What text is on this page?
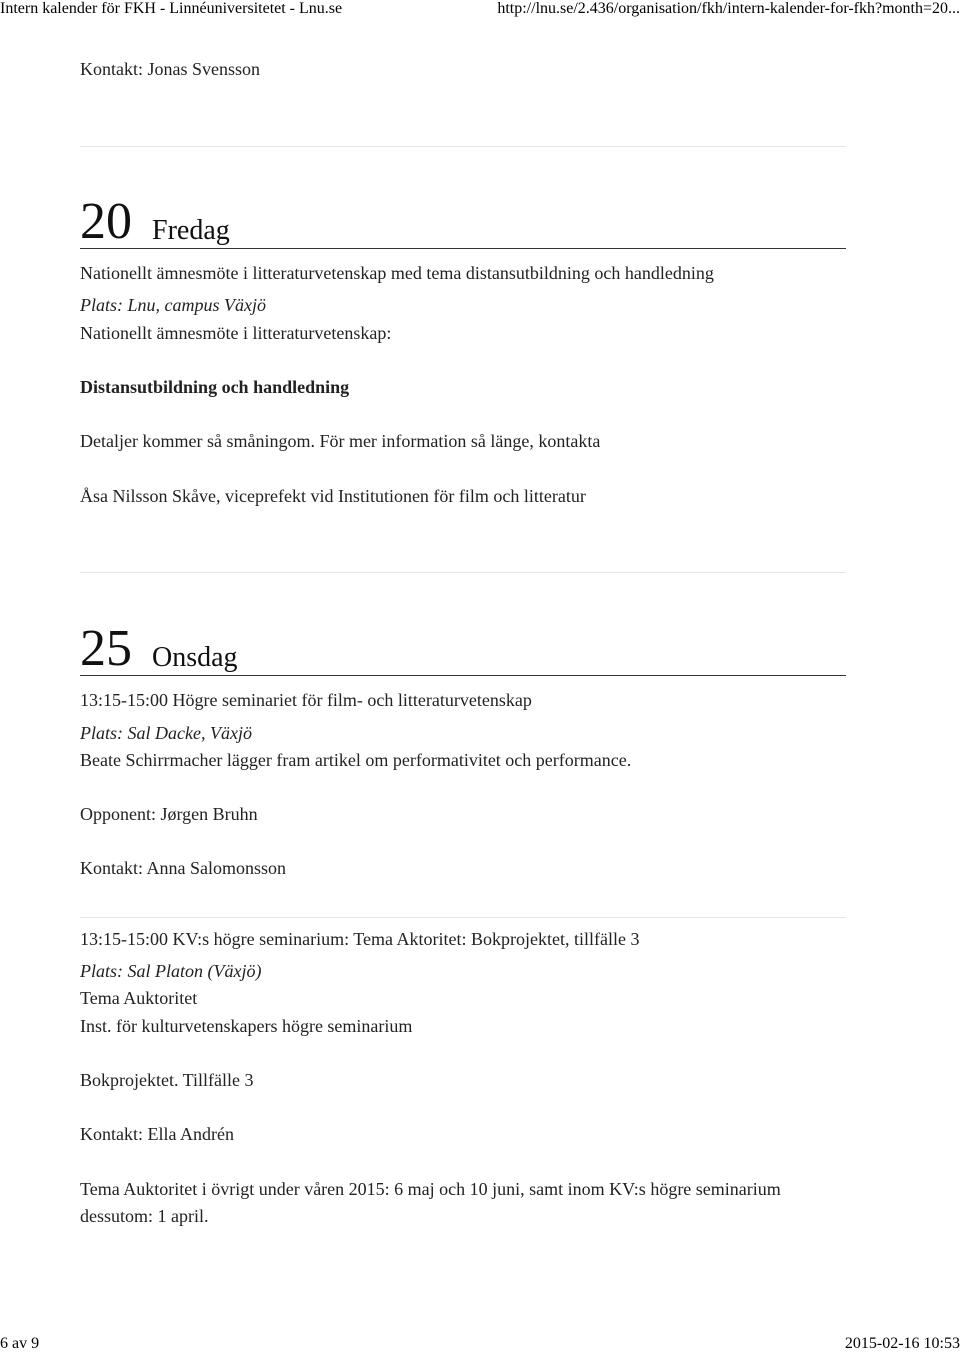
Intern kalender för FKH - Linnéuniversitetet - Lnu.se	http://lnu.se/2.436/organisation/fkh/intern-kalender-for-fkh?month=20...
Kontakt: Jonas Svensson
20 Fredag
Nationellt ämnesmöte i litteraturvetenskap med tema distansutbildning och handledning
Plats: Lnu, campus Växjö
Nationellt ämnesmöte i litteraturvetenskap:
Distansutbildning och handledning
Detaljer kommer så småningom. För mer information så länge, kontakta
Åsa Nilsson Skåve, viceprefekt vid Institutionen för film och litteratur
25 Onsdag
13:15-15:00 Högre seminariet för film- och litteraturvetenskap
Plats: Sal Dacke, Växjö
Beate Schirrmacher lägger fram artikel om performativitet och performance.
Opponent: Jørgen Bruhn
Kontakt: Anna Salomonsson
13:15-15:00 KV:s högre seminarium: Tema Aktoritet: Bokprojektet, tillfälle 3
Plats: Sal Platon (Växjö)
Tema Auktoritet
Inst. för kulturvetenskapers högre seminarium
Bokprojektet. Tillfälle 3
Kontakt: Ella Andrén
Tema Auktoritet i övrigt under våren 2015: 6 maj och 10 juni, samt inom KV:s högre seminarium
dessutom: 1 april.
6 av 9	2015-02-16 10:53
